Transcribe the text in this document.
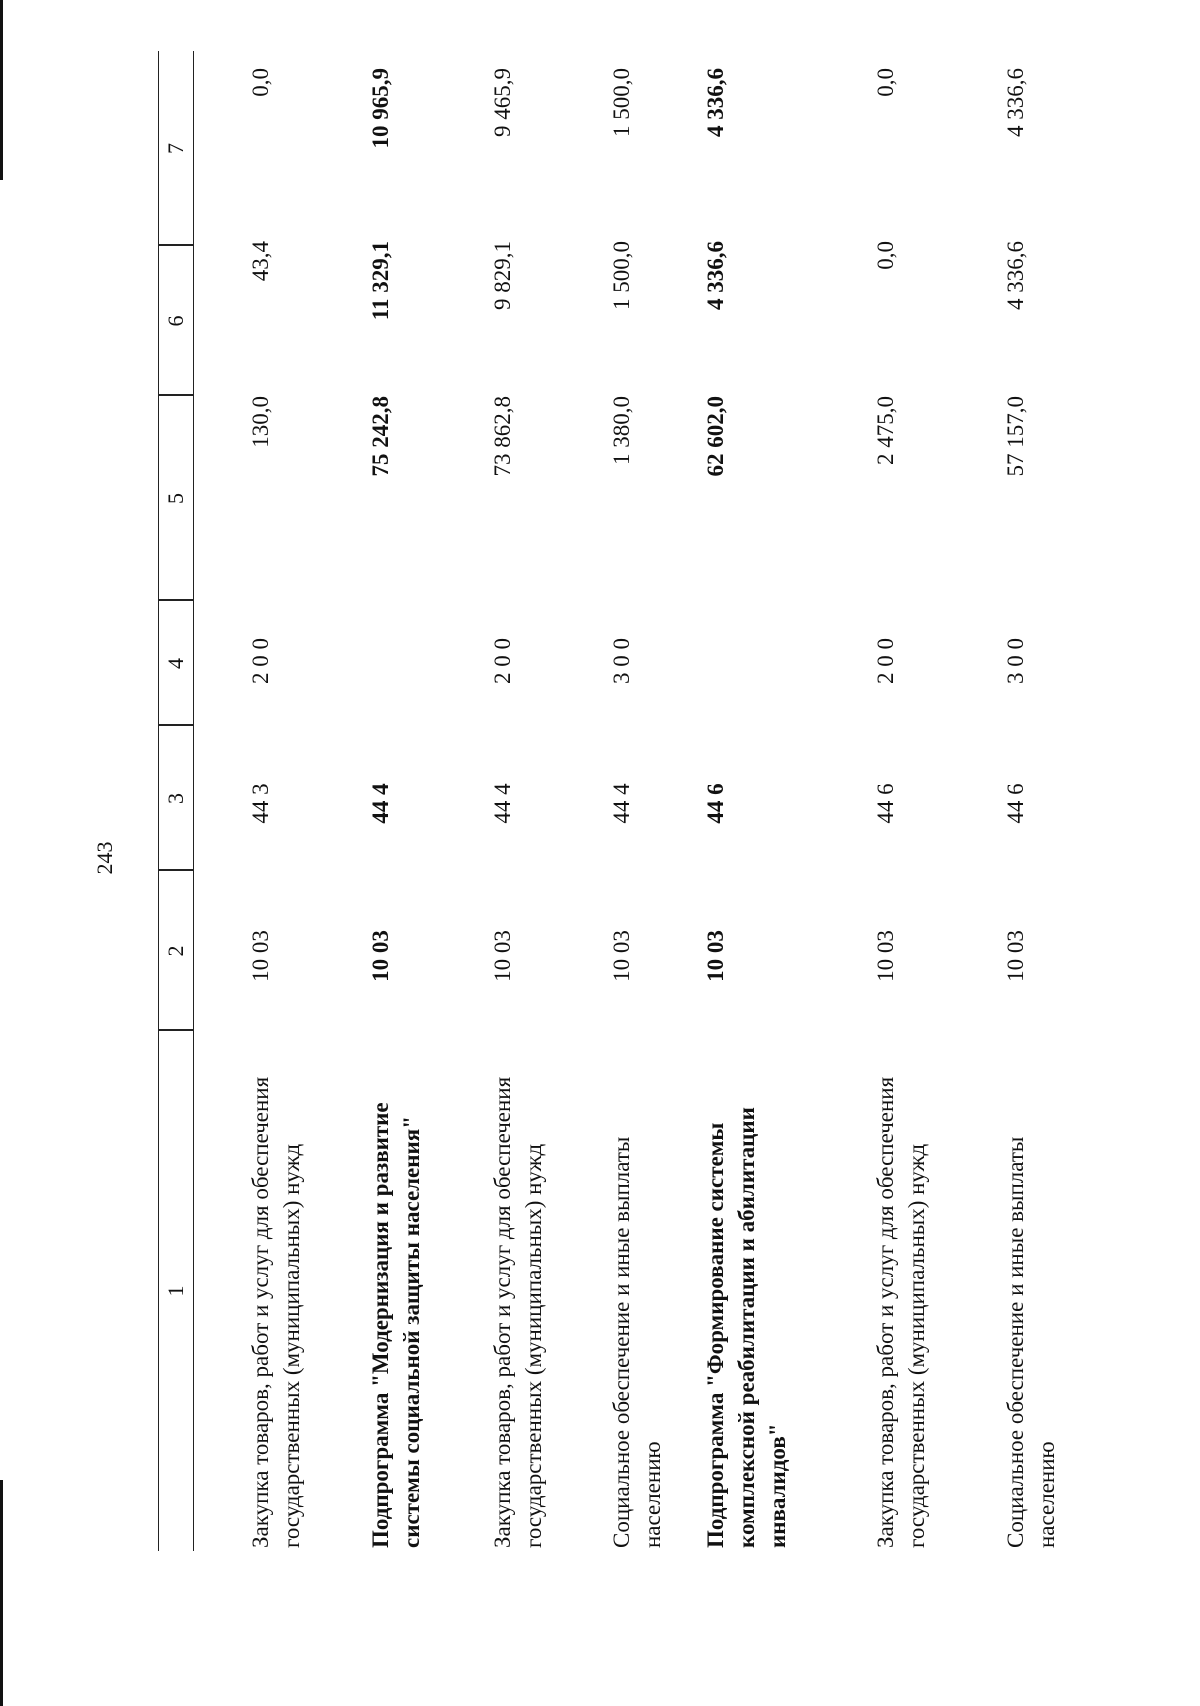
243
1
2
3
4
5
6
7
Закупка товаров, работ и услуг для обеспечения государственных (муниципальных) нужд
10 03
44 3
2 0 0
130,0
43,4
0,0
Подпрограмма "Модернизация и развитие системы социальной защиты населения"
10 03
44 4
75 242,8
11 329,1
10 965,9
Закупка товаров, работ и услуг для обеспечения государственных (муниципальных) нужд
10 03
44 4
2 0 0
73 862,8
9 829,1
9 465,9
Социальное обеспечение и иные выплаты населению
10 03
44 4
3 0 0
1 380,0
1 500,0
1 500,0
Подпрограмма "Формирование системы комплексной реабилитации и абилитации инвалидов"
10 03
44 6
62 602,0
4 336,6
4 336,6
Закупка товаров, работ и услуг для обеспечения государственных (муниципальных) нужд
10 03
44 6
2 0 0
2 475,0
0,0
0,0
Социальное обеспечение и иные выплаты населению
10 03
44 6
3 0 0
57 157,0
4 336,6
4 336,6
